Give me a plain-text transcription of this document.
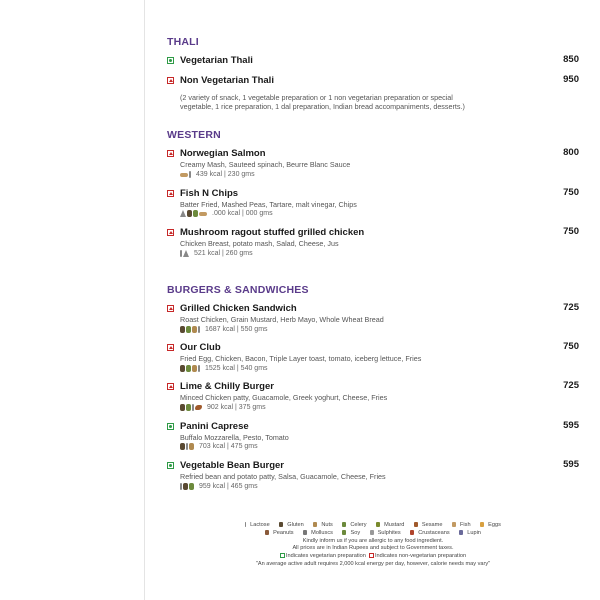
THALI
Vegetarian Thali	850
Non Vegetarian Thali	950
(2 variety of snack, 1 vegetable preparation or 1 non vegetarian preparation or special vegetable, 1 rice preparation, 1 dal preparation, Indian bread accompaniments, desserts.)
WESTERN
Norwegian Salmon	800
Creamy Mash, Sauteed spinach, Beurre Blanc Sauce
439 kcal | 230 gms
Fish N Chips	750
Batter Fried, Mashed Peas, Tartare, malt vinegar, Chips
.000 kcal | 000 gms
Mushroom ragout stuffed grilled chicken	750
Chicken Breast, potato mash, Salad, Cheese, Jus
521 kcal | 260 gms
BURGERS & SANDWICHES
Grilled Chicken Sandwich	725
Roast Chicken, Grain Mustard, Herb Mayo, Whole Wheat Bread
1687 kcal | 550 gms
Our Club	750
Fried Egg, Chicken, Bacon, Triple Layer toast, tomato, iceberg lettuce, Fries
1525 kcal | 540 gms
Lime & Chilly Burger	725
Minced Chicken patty, Guacamole, Greek yoghurt, Cheese, Fries
902 kcal | 375 gms
Panini Caprese	595
Buffalo Mozzarella, Pesto, Tomato
703 kcal | 475 gms
Vegetable Bean Burger	595
Refried bean and potato patty, Salsa, Guacamole, Cheese, Fries
959 kcal | 465 gms
Lactose	Gluten	Nuts	Celery	Mustard	Sesame	Fish	Eggs
Peanuts	Molluscs	Soy	Sulphites	Crustaceans	Lupin
Kindly inform us if you are allergic to any food ingredient.
All prices are in Indian Rupees and subject to Government taxes.
Indicates vegetarian preparation Indicates non-vegetarian preparation
"An average active adult requires 2,000 kcal energy per day, however, calorie needs may vary"
